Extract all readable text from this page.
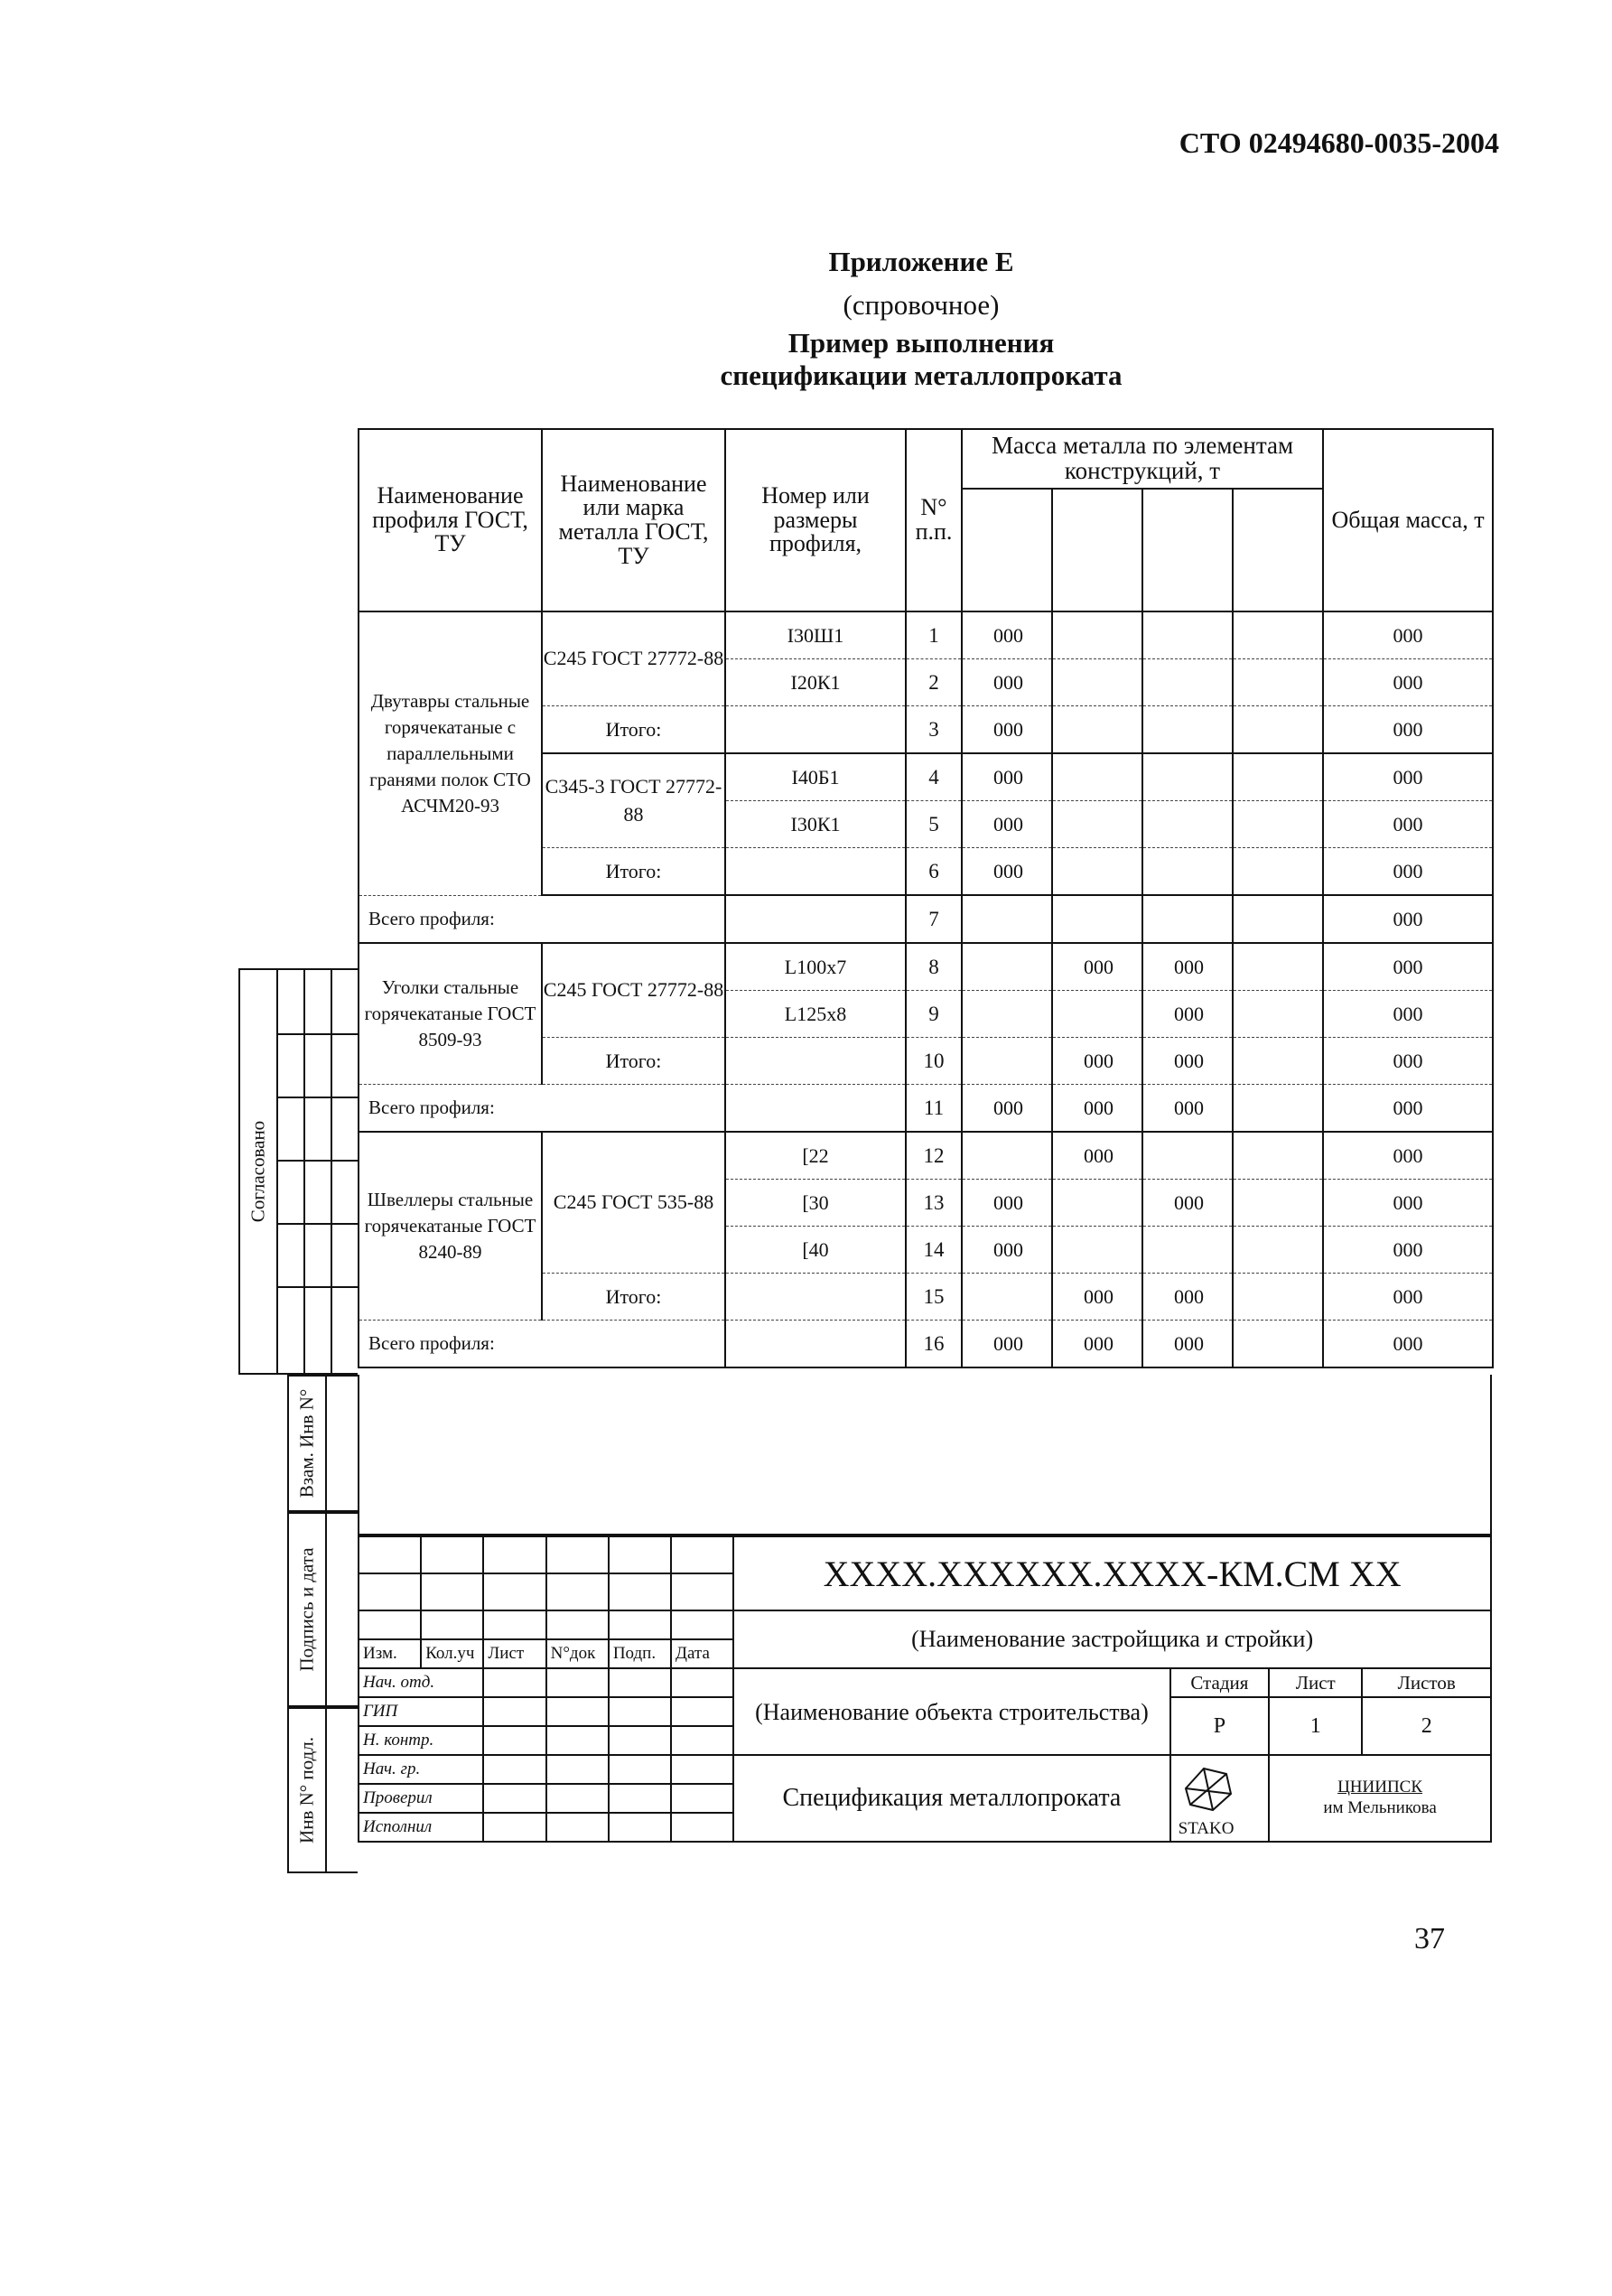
СТО 02494680-0035-2004
Приложение Е
(спровочное)
Пример выполнения
спецификации металлопроката
Наименование профиля ГОСТ, ТУ	Наименование или марка металла ГОСТ, ТУ	Номер или размеры профиля,	N° п.п.	Масса металла по элементам конструкций, т				Общая масса, т

Двутавры стальные горячекатаные с параллельными гранями полок СТО АСЧМ20-93	С245 ГОСТ 27772-88	I30Ш1	1	000				000
		I20К1	2	000				000
	Итого:		3	000				000
	С345-3 ГОСТ 27772-88	I40Б1	4	000				000
		I30К1	5	000				000
	Итого:		6	000				000
Всего профиля:			7					000
Уголки стальные горячекатаные ГОСТ 8509-93	С245 ГОСТ 27772-88	L100x7	8		000	000		000
		L125x8	9			000		000
	Итого:		10		000	000		000
Всего профиля:			11	000	000	000		000
Швеллеры стальные горячекатаные ГОСТ 8240-89	С245 ГОСТ 535-88	[22	12		000			000
		[30	13	000		000		000
		[40	14	000				000
	Итого:		15		000	000		000
Всего профиля:			16	000	000	000		000
						XXXX.XXXXXX.XXXX-КМ.СМ XX			

						(Наименование застройщика и стройки)			
Изм.	Кол.уч	Лист	N°док	Подп.	Дата				
Нач. отд.						(Наименование объекта строительства)	Стадия	Лист	Листов
ГИП							Р	1	2
Н. контр.									
Нач. гр.						Спецификация металлопроката	STAKO	ЦНИИПСК
им Мельникова	

Проверил									
Исполнил									
Согласовано
Взам. Инв N°
Подпись и дата
Инв N° подл.
37
